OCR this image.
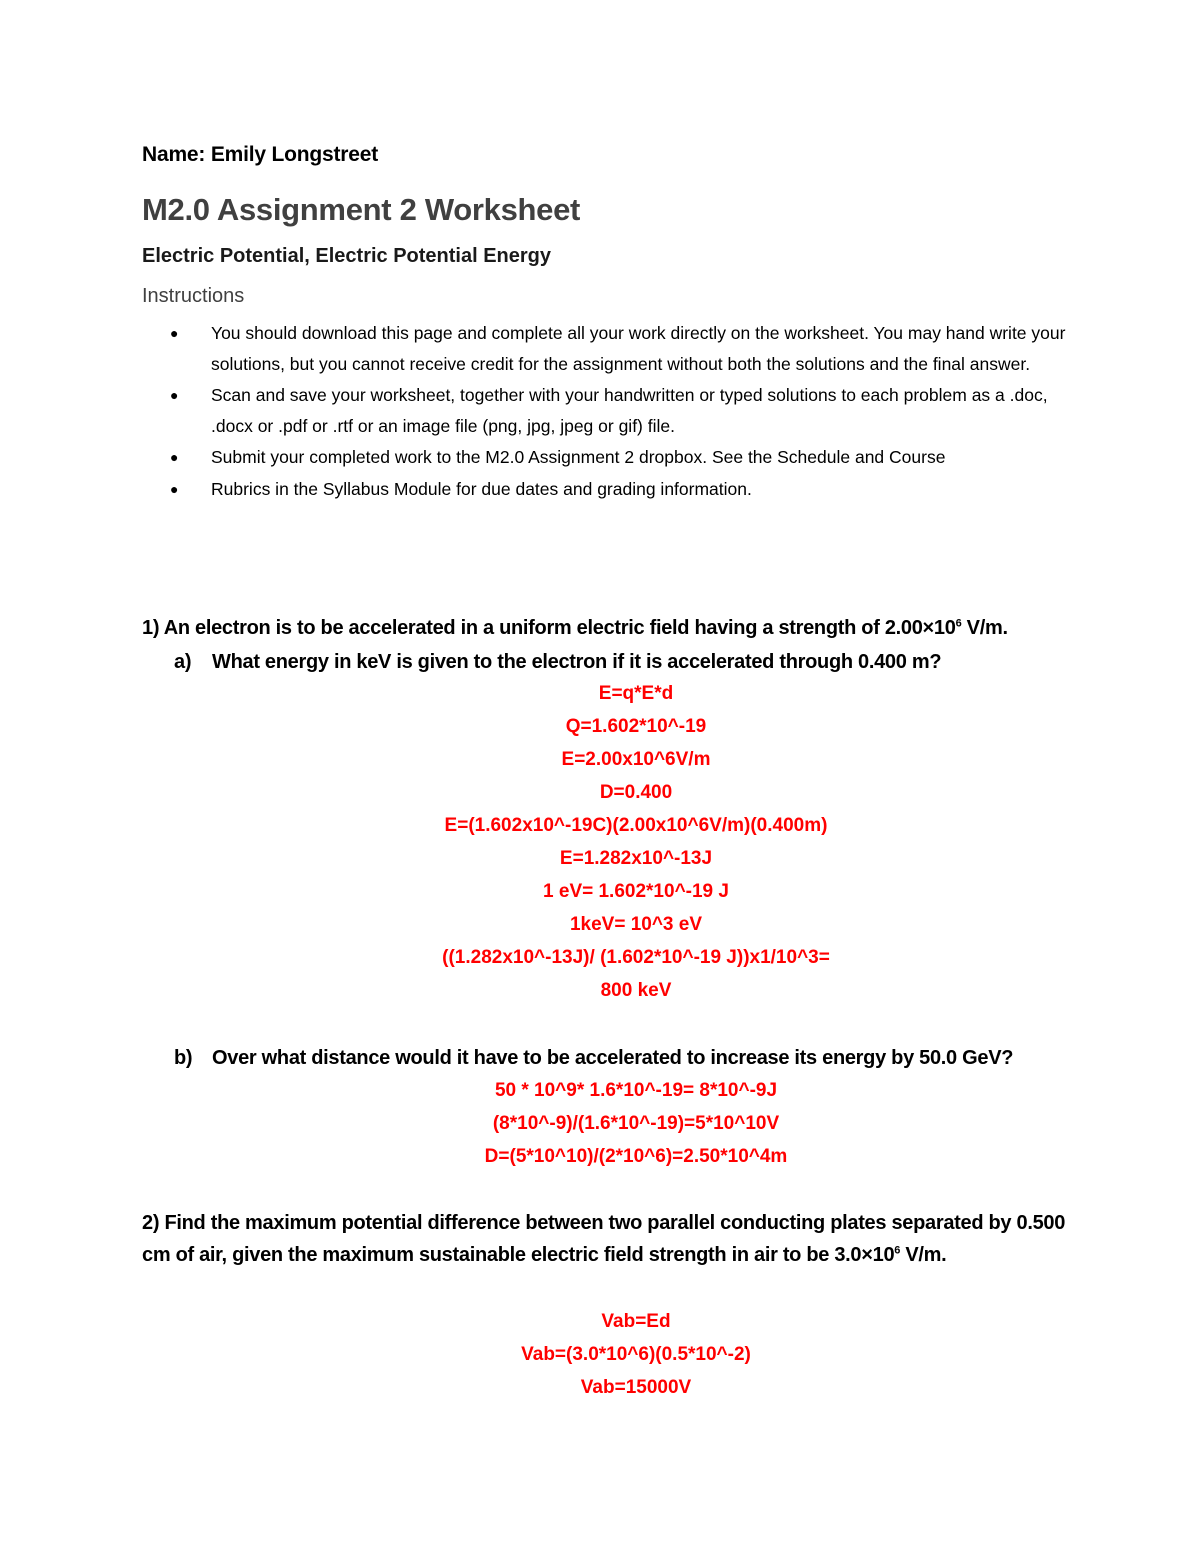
Name: Emily Longstreet
M2.0 Assignment 2 Worksheet
Electric Potential, Electric Potential Energy
Instructions
● You should download this page and complete all your work directly on the worksheet. You may hand write your solutions, but you cannot receive credit for the assignment without both the solutions and the final answer.
● Scan and save your worksheet, together with your handwritten or typed solutions to each problem as a .doc, .docx or .pdf or .rtf or an image file (png, jpg, jpeg or gif) file.
● Submit your completed work to the M2.0 Assignment 2 dropbox. See the Schedule and Course
● Rubrics in the Syllabus Module for due dates and grading information.
1) An electron is to be accelerated in a uniform electric field having a strength of $2.00\times 10^6$ V/m.
a) What energy in keV is given to the electron if it is accelerated through 0.400 m?
E=q*E*d
Q=1.602*10^-19
E=2.00x10^6V/m
D=0.400
E=(1.602x10^-19C)(2.00x10^6V/m)(0.400m)
E=1.282x10^-13J
1 eV= 1.602*10^-19 J
1keV= 10^3 eV
((1.282x10^-13J)/ (1.602*10^-19 J))x1/10^3=
800 keV
b) Over what distance would it have to be accelerated to increase its energy by 50.0 GeV?
50 * 10^9* 1.6*10^-19= 8*10^-9J
(8*10^-9)/(1.6*10^-19)=5*10^10V
D=(5*10^10)/(2*10^6)=2.50*10^4m
2) Find the maximum potential difference between two parallel conducting plates separated by 0.500 cm of air, given the maximum sustainable electric field strength in air to be $3.0\times 10^6$ V/m.
Vab=Ed
Vab=(3.0*10^6)(0.5*10^-2)
Vab=15000V
